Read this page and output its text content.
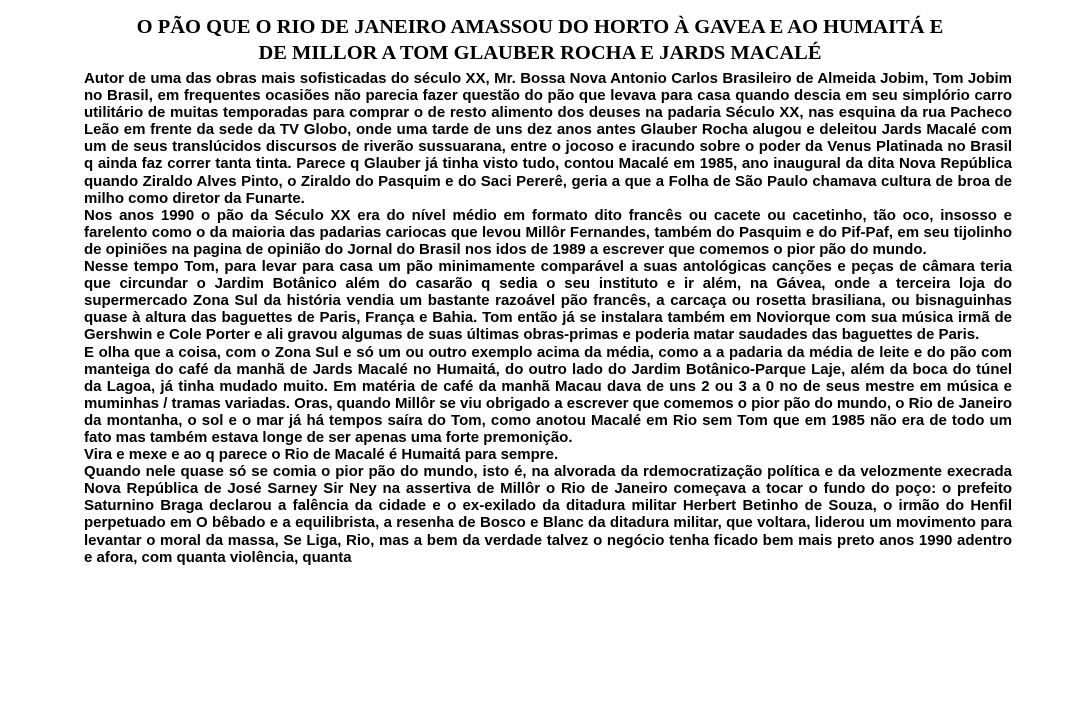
O PÃO QUE O RIO DE JANEIRO AMASSOU DO HORTO À GAVEA E AO HUMAITÁ E
DE MILLOR A TOM GLAUBER ROCHA E JARDS MACALÉ

Autor de uma das obras mais sofisticadas do século XX, Mr. Bossa Nova Antonio Carlos Brasileiro de Almeida Jobim, Tom Jobim no Brasil, em frequentes ocasiões não parecia fazer questão do pão que levava para casa quando descia em seu simplório carro utilitário de muitas temporadas para comprar o de resto alimento dos deuses na padaria Século XX, nas esquina da rua Pacheco Leão em frente da sede da TV Globo, onde uma tarde de uns dez anos antes Glauber Rocha alugou e deleitou Jards Macalé com um de seus translúcidos discursos de riverão sussuarana, entre o jocoso e iracundo sobre o poder da Venus Platinada no Brasil q ainda faz correr tanta tinta. Parece q Glauber já tinha visto tudo, contou Macalé em 1985, ano inaugural da dita Nova República quando Ziraldo Alves Pinto, o Ziraldo do Pasquim e do Saci Pererê, geria a que a Folha de São Paulo chamava cultura de broa de milho como diretor da Funarte.

Nos anos 1990 o pão da Século XX era do nível médio em formato dito francês ou cacete ou cacetinho, tão oco, insosso e farelento como o da maioria das padarias cariocas que levou Millôr Fernandes, também do Pasquim e do Pif-Paf, em seu tijolinho de opiniões na pagina de opinião do Jornal do Brasil nos idos de 1989 a escrever que comemos o pior pão do mundo.

Nesse tempo Tom, para levar para casa um pão minimamente comparável a suas antológicas canções e peças de câmara teria que circundar o Jardim Botânico além do casarão q sedia o seu instituto e ir além, na Gávea, onde a terceira loja do supermercado Zona Sul da história vendia um bastante razoável pão francês, a carcaça ou rosetta brasiliana, ou bisnaguinhas quase à altura das baguettes de Paris, França e Bahia. Tom então já se instalara também em Noviorque com sua música irmã de Gershwin e Cole Porter e ali gravou algumas de suas últimas obras-primas e poderia matar saudades das baguettes de Paris.

E olha que a coisa, com o Zona Sul e só um ou outro exemplo acima da média, como a a padaria da média de leite e do pão com manteiga do café da manhã de Jards Macalé no Humaitá, do outro lado do Jardim Botânico-Parque Laje, além da boca do túnel da Lagoa, já tinha mudado muito. Em matéria de café da manhã Macau dava de uns 2 ou 3 a 0 no de seus mestre em música e muminhas / tramas variadas. Oras, quando Millôr se viu obrigado a escrever que comemos o pior pão do mundo, o Rio de Janeiro da montanha, o sol e o mar já há tempos saíra do Tom, como anotou Macalé em Rio sem Tom que em 1985 não era de todo um fato mas também estava longe de ser apenas uma forte premonição.

Vira e mexe e ao q parece o Rio de Macalé é Humaitá para sempre.

Quando nele quase só se comia o pior pão do mundo, isto é, na alvorada da rdemocratização política e da velozmente execrada Nova República de José Sarney Sir Ney na assertiva de Millôr o Rio de Janeiro começava a tocar o fundo do poço: o prefeito Saturnino Braga declarou a falência da cidade e o ex-exilado da ditadura militar Herbert Betinho de Souza, o irmão do Henfil perpetuado em O bêbado e a equilibrista, a resenha de Bosco e Blanc da ditadura militar, que voltara, liderou um movimento para levantar o moral da massa, Se Liga, Rio, mas a bem da verdade talvez o negócio tenha ficado bem mais preto anos 1990 adentro e afora, com quanta violência, quanta
